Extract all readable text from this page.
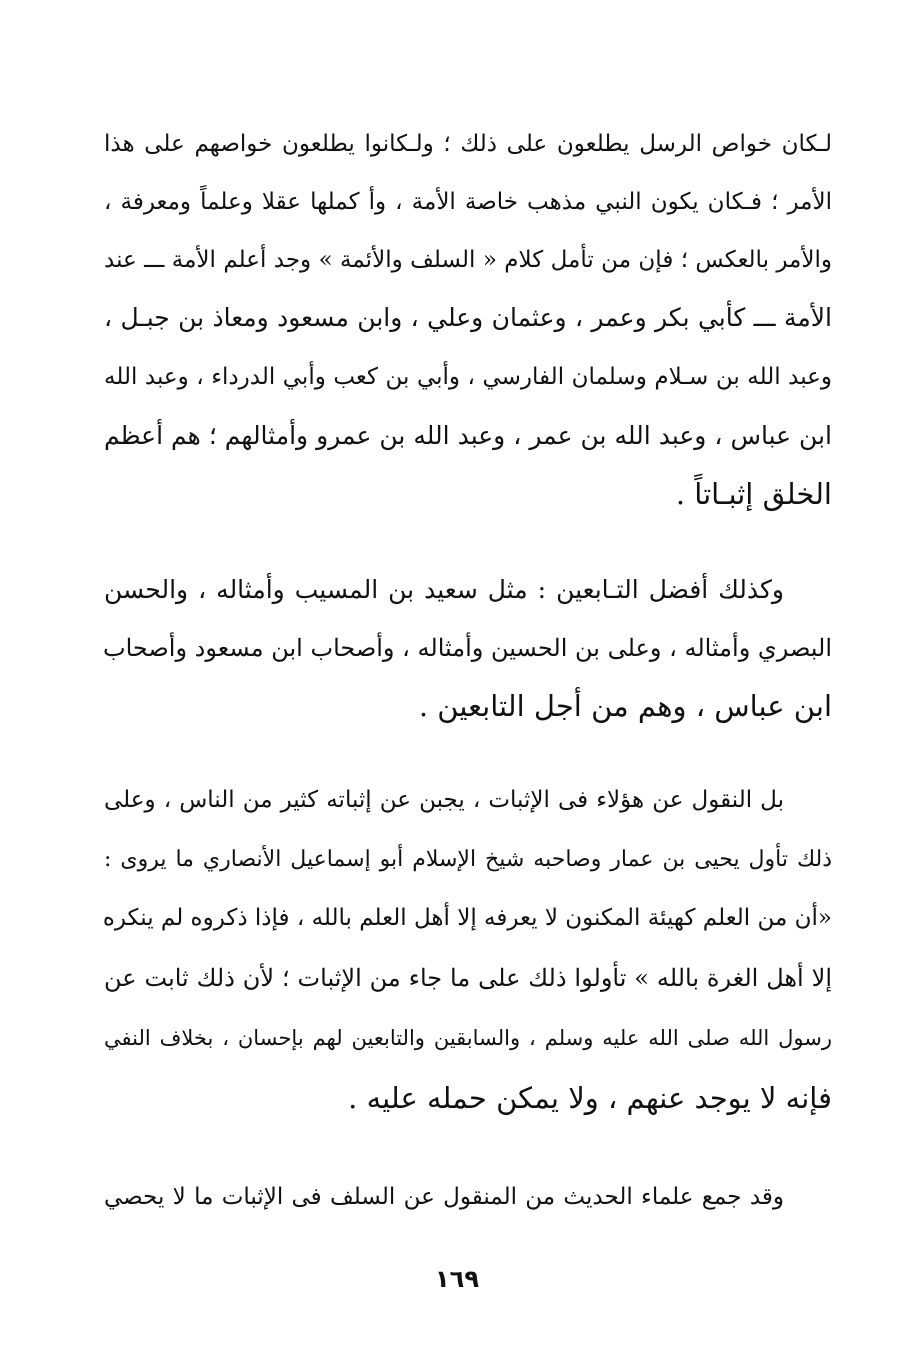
لـكان خواص الرسل يطلعون على ذلك ؛ ولـكانوا يطلعون خواصهم على هذا
الأمر ؛ فـكان يكون النبي مذهب خاصة الأمة ، وأ كملها عقلا وعلماً ومعرفة ،
والأمر بالعكس ؛ فإن من تأمل كلام « السلف والأئمة » وجد أعلم الأمة ـــ عند
الأمة ـــ كأبي بكر وعمر ، وعثمان وعلي ، وابن مسعود ومعاذ بن جبـل ،
وعبد الله بن سـلام وسلمان الفارسي ، وأبي بن كعب وأبي الدرداء ، وعبد الله
ابن عباس ، وعبد الله بن عمر ، وعبد الله بن عمرو وأمثالهم ؛ هم أعظم
الخلق إثبـاتاً .
وكذلك أفضل التـابعين : مثل سعيد بن المسيب وأمثاله ، والحسن
البصري وأمثاله ، وعلى بن الحسين وأمثاله ، وأصحاب ابن مسعود وأصحاب
ابن عباس ، وهم من أجل التابعين .
بل النقول عن هؤلاء فى الإثبات ، يجبن عن إثباته كثير من الناس ، وعلى
ذلك تأول يحيى بن عمار وصاحبه شيخ الإسلام أبو إسماعيل الأنصاري ما يروى :
«أن من العلم كهيئة المكنون لا يعرفه إلا أهل العلم بالله ، فإذا ذكروه لم ينكره
إلا أهل الغرة بالله » تأولوا ذلك على ما جاء من الإثبات ؛ لأن ذلك ثابت عن
رسول الله صلى الله عليه وسلم ، والسابقين والتابعين لهم بإحسان ، بخلاف النفي
فإنه لا يوجد عنهم ، ولا يمكن حمله عليه .
وقد جمع علماء الحديث من المنقول عن السلف فى الإثبات ما لا يحصي
١٦٩
